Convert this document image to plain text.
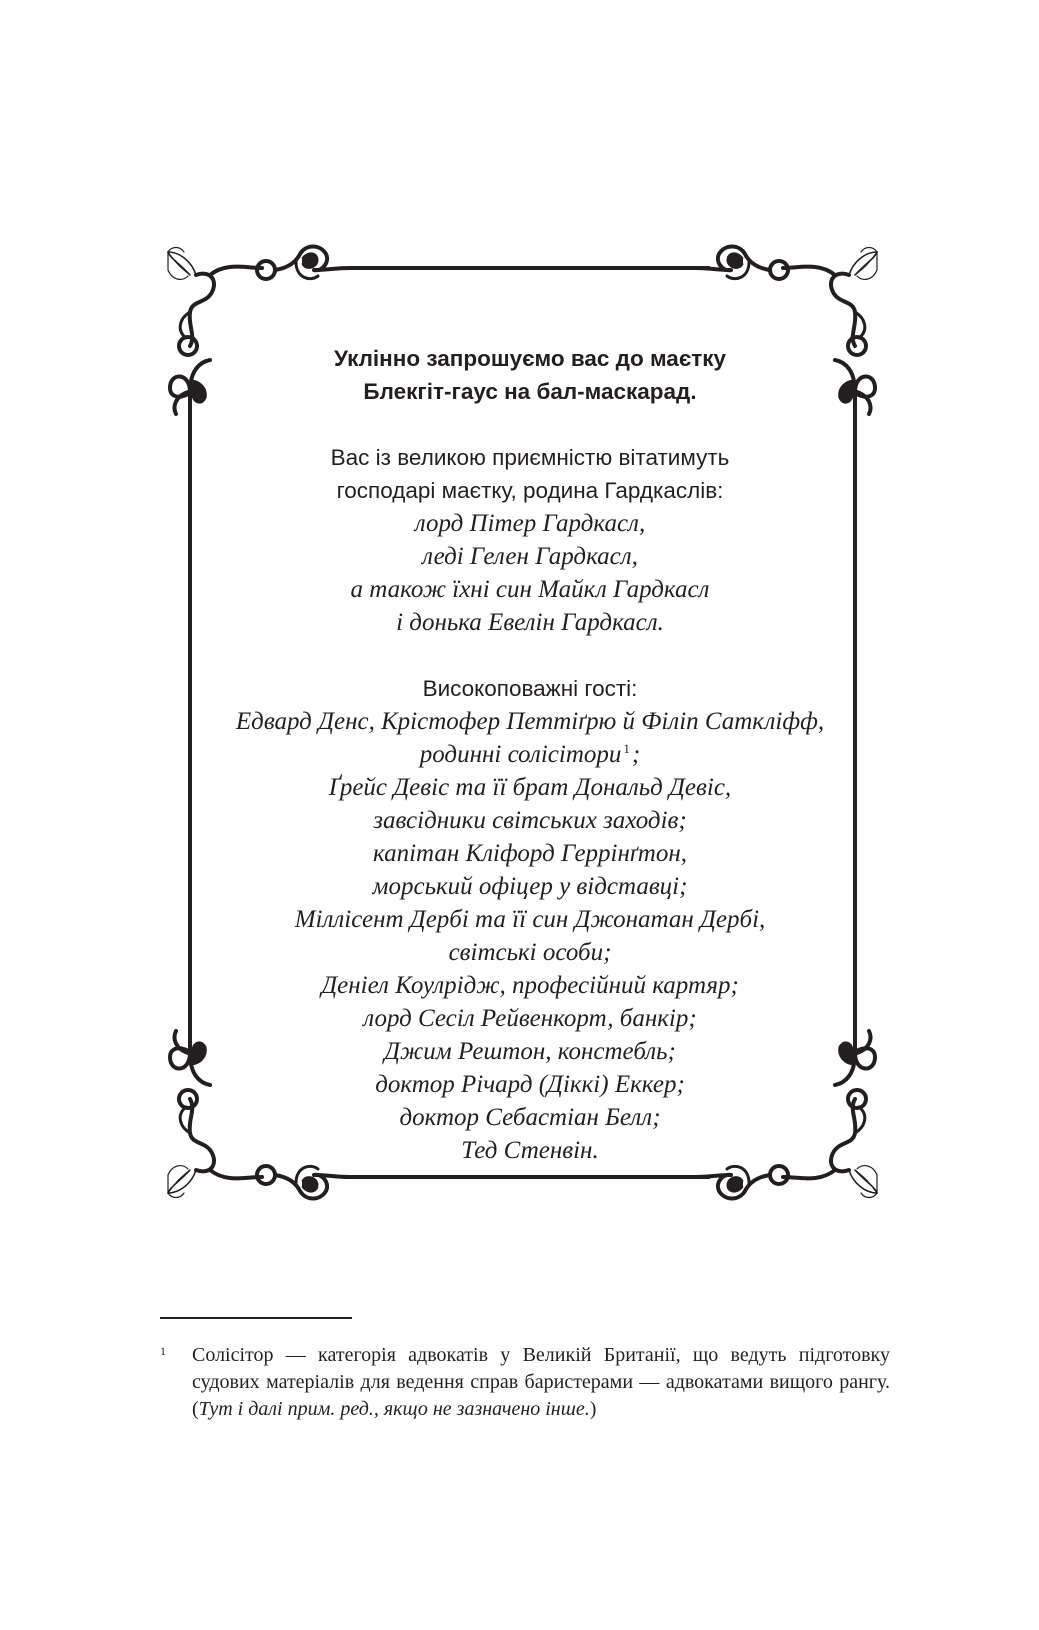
Уклінно запрошуємо вас до маєтку
Блекгіт-гаус на бал-маскарад.
Вас із великою приємністю вітатимуть
господарі маєтку, родина Гардкаслів:
лорд Пітер Гардкасл,
леді Гелен Гардкасл,
а також їхні син Майкл Гардкасл
і донька Евелін Гардкасл.
Високоповажні гості:
Едвард Денс, Крістофер Петтіґрю й Філіп Саткліфф,
родинні солісітори $^1$;
Ґрейс Девіс та її брат Дональд Девіс,
завсідники світських заходів;
капітан Кліфорд Геррінґтон,
морський офіцер у відставці;
Міллісент Дербі та її син Джонатан Дербі,
світські особи;
Деніел Коулрідж, професійний картяр;
лорд Сесіл Рейвенкорт, банкір;
Джим Рештон, констебль;
доктор Річард (Діккі) Еккер;
доктор Себастіан Белл;
Тед Стенвін.
1 Солісітор — категорія адвокатів у Великій Британії, що ведуть підготовку судових матеріалів для ведення справ баристерами — адвокатами вищого рангу. (Тут і далі прим. ред., якщо не зазначено інше.)
